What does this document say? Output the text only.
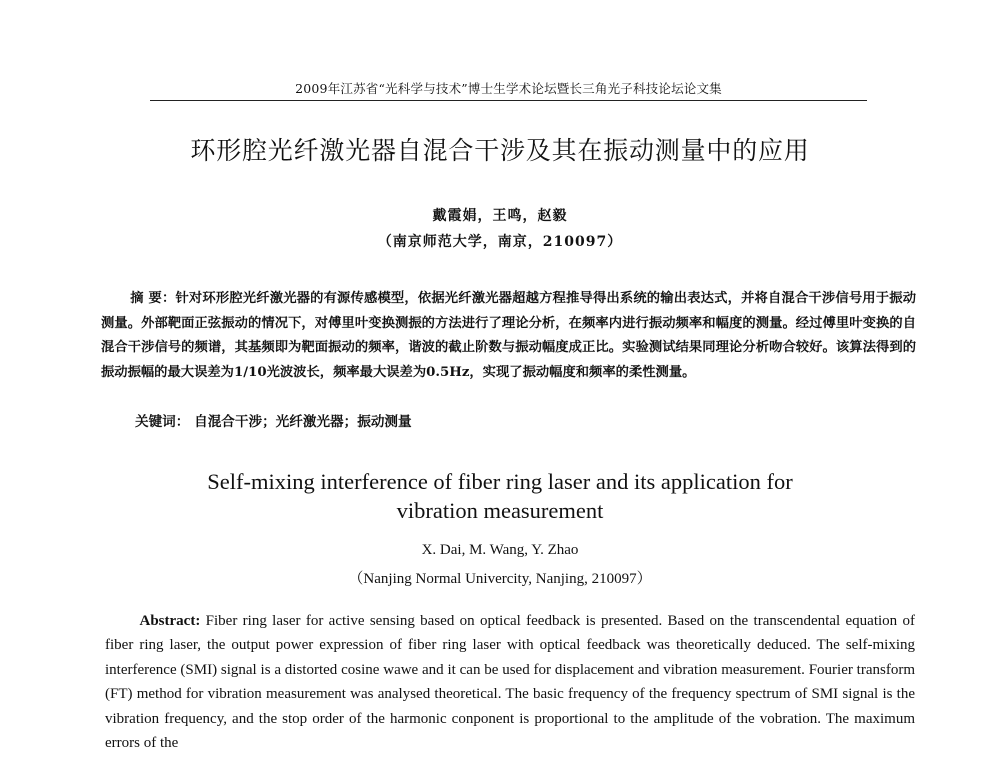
2009年江苏省“光科学与技术”博士生学术论坛暨长三角光子科技论坛论文集
环形腔光纤激光器自混合干涉及其在振动测量中的应用
戴霞娟，王鸣，赵毅
（南京师范大学，南京，210097）
摘 要：针对环形腔光纤激光器的有源传感模型，依据光纤激光器超越方程推导得出系统的输出表达式，并将自混合干涉信号用于振动测量。外部靶面正弦振动的情况下，对傅里叶变换测振的方法进行了理论分析，在频率内进行振动频率和幅度的测量。经过傅里叶变换的自混合干涉信号的频谱，其基频即为靶面振动的频率，谐波的截止阶数与振动幅度成正比。实验测试结果同理论分析吻合较好。该算法得到的振动振幅的最大误差为1/10光波波长，频率最大误差为0.5Hz，实现了振动幅度和频率的柔性测量。
关键词： 自混合干涉；光纤激光器；振动测量
Self-mixing interference of fiber ring laser and its application for
vibration measurement
X. Dai, M. Wang, Y. Zhao
（Nanjing Normal Univercity, Nanjing, 210097）
Abstract: Fiber ring laser for active sensing based on optical feedback is presented. Based on the transcendental equation of fiber ring laser, the output power expression of fiber ring laser with optical feedback was theoretically deduced. The self-mixing interference (SMI) signal is a distorted cosine wawe and it can be used for displacement and vibration measurement. Fourier transform (FT) method for vibration measurement was analysed theoretical. The basic frequency of the frequency spectrum of SMI signal is the vibration frequency, and the stop order of the harmonic conponent is proportional to the amplitude of the vobration. The maximum errors of the
